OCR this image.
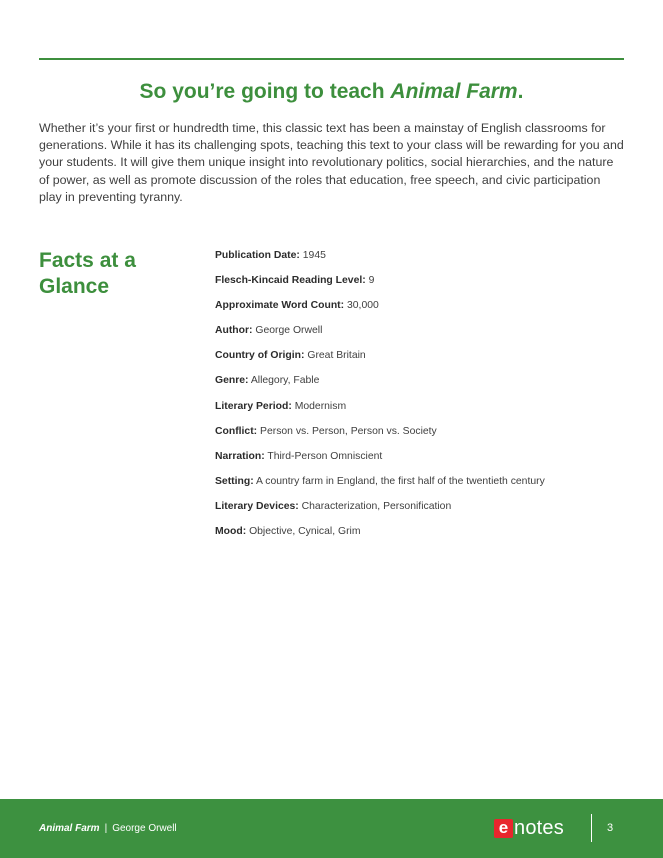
So you’re going to teach Animal Farm.

Whether it’s your first or hundredth time, this classic text has been a mainstay of English classrooms for generations. While it has its challenging spots, teaching this text to your class will be rewarding for you and your students. It will give them unique insight into revolutionary politics, social hierarchies, and the nature of power, as well as promote discussion of the roles that education, free speech, and civic participation play in preventing tyranny.

Facts at a Glance
Publication Date: 1945
Flesch-Kincaid Reading Level: 9
Approximate Word Count: 30,000
Author: George Orwell
Country of Origin: Great Britain
Genre: Allegory, Fable
Literary Period: Modernism
Conflict: Person vs. Person, Person vs. Society
Narration: Third-Person Omniscient
Setting: A country farm in England, the first half of the twentieth century
Literary Devices: Characterization, Personification
Mood: Objective, Cynical, Grim
Animal Farm | George Orwell	e notes	3
